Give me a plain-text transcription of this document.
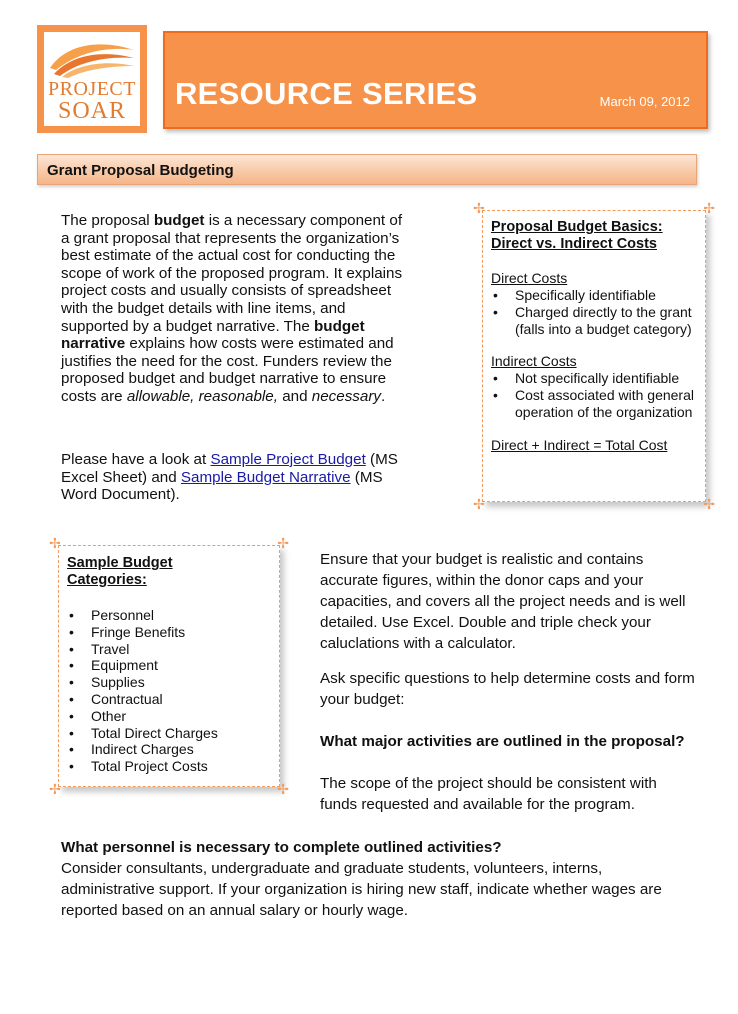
PROJECT
SOAR	RESOURCE SERIES	March 09, 2012
Grant Proposal Budgeting
The proposal budget is a necessary component of a grant proposal that represents the organization’s best estimate of the actual cost for conducting the scope of work of the proposed program. It explains project costs and usually consists of spreadsheet with the budget details with line items, and supported by a budget narrative. The budget narrative explains how costs were estimated and justifies the need for the cost. Funders review the proposed budget and budget narrative to ensure costs are allowable, reasonable, and necessary.
Please have a look at Sample Project Budget (MS Excel Sheet) and Sample Budget Narrative (MS Word Document).
✢	✢
✢	✢
Proposal Budget Basics:
Direct vs. Indirect Costs
Direct Costs
• Specifically identifiable
• Charged directly to the grant (falls into a budget category)
Indirect Costs
• Not specifically identifiable
• Cost associated with general operation of the organization
Direct + Indirect = Total Cost
✢	✢
✢	✢
Sample Budget
Categories:
• Personnel
• Fringe Benefits
• Travel
• Equipment
• Supplies
• Contractual
• Other
• Total Direct Charges
• Indirect Charges
• Total Project Costs
Ensure that your budget is realistic and contains accurate figures, within the donor caps and your capacities, and covers all the project needs and is well detailed. Use Excel. Double and triple check your caluclations with a calculator.
Ask specific questions to help determine costs and form your budget:
What major activities are outlined in the proposal?
The scope of the project should be consistent with funds requested and available for the program.
What personnel is necessary to complete outlined activities?
Consider consultants, undergraduate and graduate students, volunteers, interns, administrative support. If your organization is hiring new staff, indicate whether wages are reported based on an annual salary or hourly wage.
